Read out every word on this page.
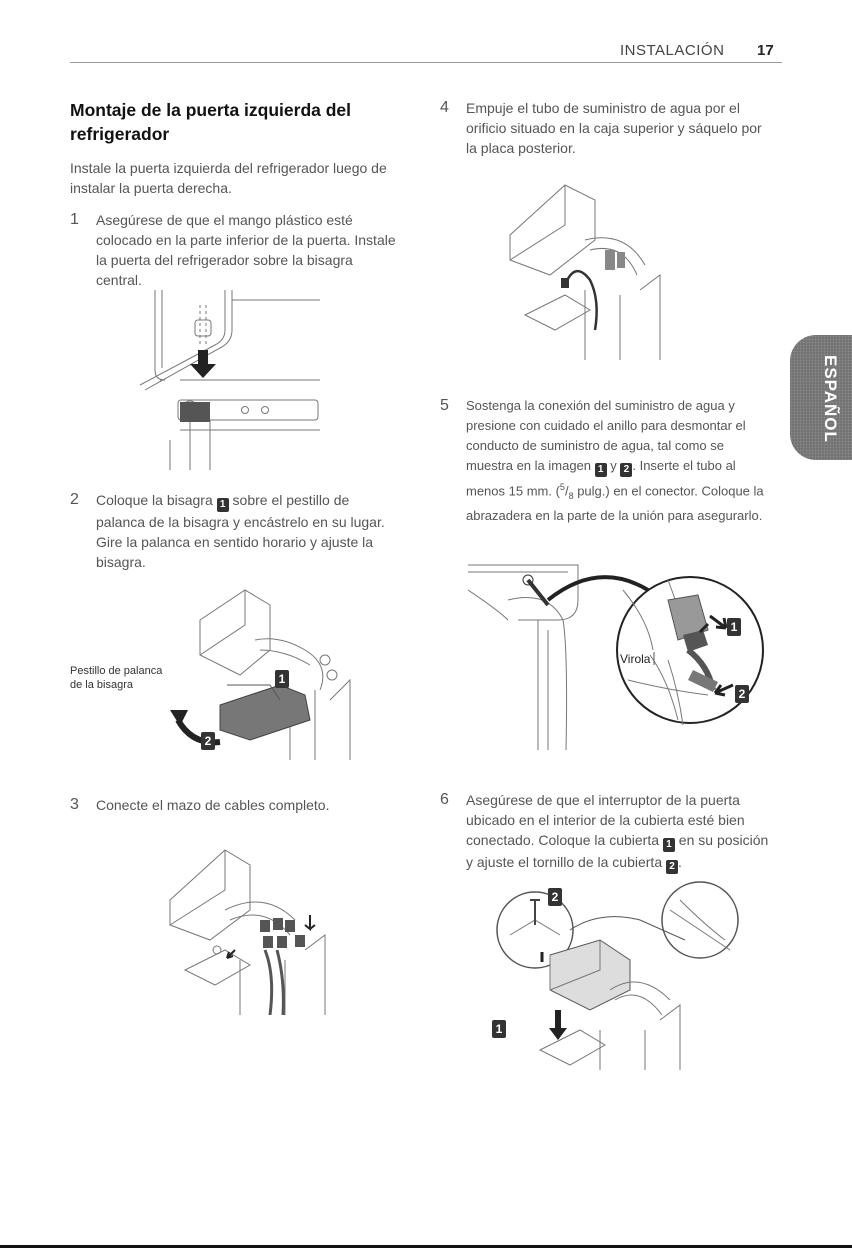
INSTALACIÓN 17
Montaje de la puerta izquierda del refrigerador
Instale la puerta izquierda del refrigerador luego de instalar la puerta derecha.
1 Asegúrese de que el mango plástico esté colocado en la parte inferior de la puerta. Instale la puerta del refrigerador sobre la bisagra central.
2 Coloque la bisagra 1 sobre el pestillo de palanca de la bisagra y encástrelo en su lugar. Gire la palanca en sentido horario y ajuste la bisagra.
Pestillo de palanca
de la bisagra	1
2
3 Conecte el mazo de cables completo.
4 Empuje el tubo de suministro de agua por el orificio situado en la caja superior y sáquelo por la placa posterior.
5 Sostenga la conexión del suministro de agua y presione con cuidado el anillo para desmontar el conducto de suministro de agua, tal como se muestra en la imagen 1 y 2 . Inserte el tubo al menos 15 mm. ($^5/_8$ pulg.) en el conector. Coloque la abrazadera en la parte de la unión para asegurarlo.
Virola
1
2
6 Asegúrese de que el interruptor de la puerta ubicado en el interior de la cubierta esté bien conectado. Coloque la cubierta 1 en su posición y ajuste el tornillo de la cubierta 2 .
2
1
ESPAÑOL
